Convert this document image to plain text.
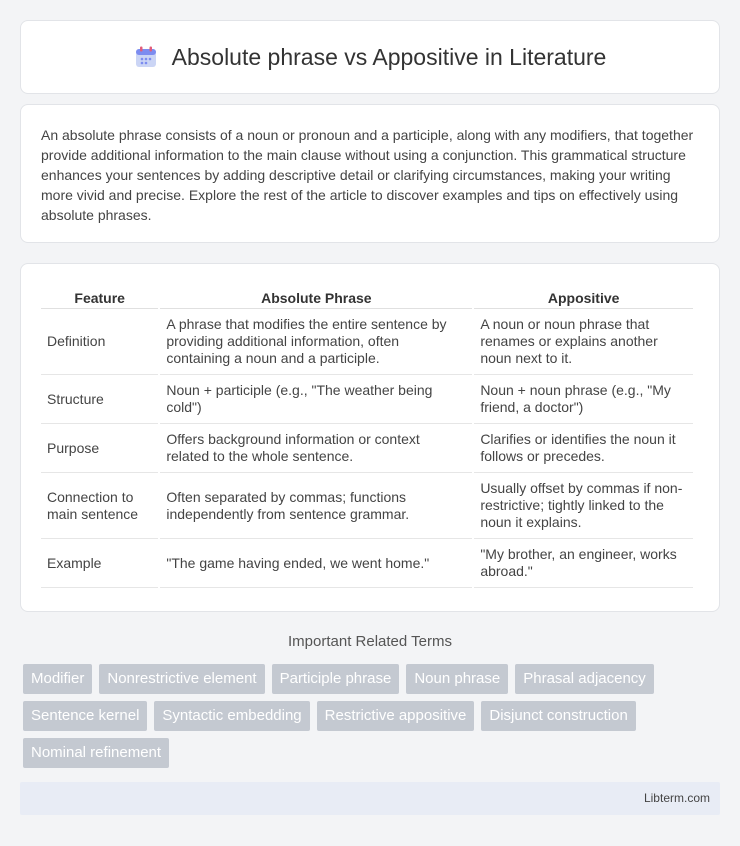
Absolute phrase vs Appositive in Literature

An absolute phrase consists of a noun or pronoun and a participle, along with any modifiers, that together provide additional information to the main clause without using a conjunction. This grammatical structure enhances your sentences by adding descriptive detail or clarifying circumstances, making your writing more vivid and precise. Explore the rest of the article to discover examples and tips on effectively using absolute phrases.

Feature	Absolute Phrase	Appositive
Definition	A phrase that modifies the entire sentence by providing additional information, often containing a noun and a participle.	A noun or noun phrase that renames or explains another noun next to it.
Structure	Noun + participle (e.g., "The weather being cold")	Noun + noun phrase (e.g., "My friend, a doctor")
Purpose	Offers background information or context related to the whole sentence.	Clarifies or identifies the noun it follows or precedes.
Connection to main sentence	Often separated by commas; functions independently from sentence grammar.	Usually offset by commas if non-restrictive; tightly linked to the noun it explains.
Example	"The game having ended, we went home."	"My brother, an engineer, works abroad."
Important Related Terms
Modifier	Nonrestrictive element	Participle phrase	Noun phrase	Phrasal adjacency
Sentence kernel	Syntactic embedding	Restrictive appositive	Disjunct construction
Nominal refinement
Libterm.com
